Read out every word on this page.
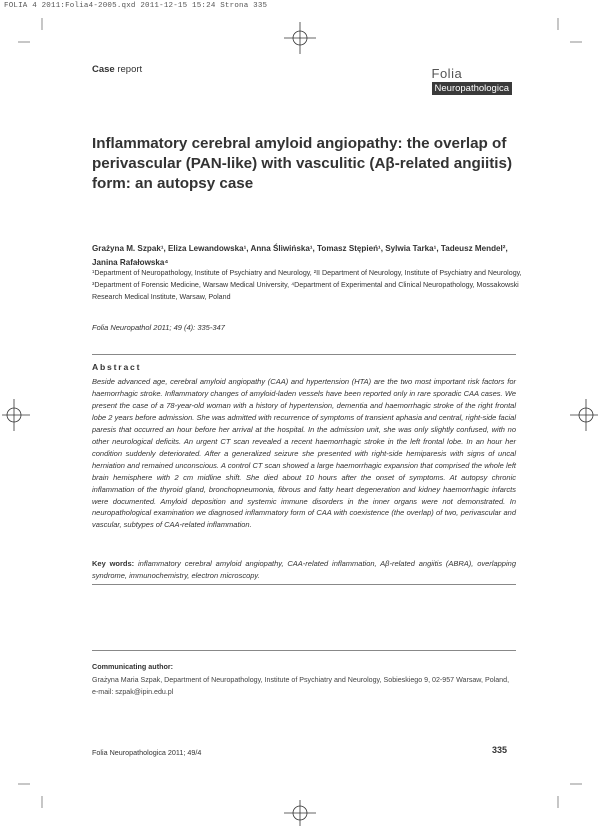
FOLIA 4 2011:Folia4-2005.qxd 2011-12-15 15:24 Strona 335
Case report	Folia
Neuropathologica
Inflammatory cerebral amyloid angiopathy: the overlap of perivascular (PAN-like) with vasculitic (Aβ-related angiitis) form: an autopsy case
Grażyna M. Szpak¹, Eliza Lewandowska¹, Anna Śliwińska¹, Tomasz Stępień¹, Sylwia Tarka¹, Tadeusz Mendel², Janina Rafałowska⁴
¹Department of Neuropathology, Institute of Psychiatry and Neurology, ²II Department of Neurology, Institute of Psychiatry and Neurology, ³Department of Forensic Medicine, Warsaw Medical University, ⁴Department of Experimental and Clinical Neuropathology, Mossakowski Research Medical Institute, Warsaw, Poland
Folia Neuropathol 2011; 49 (4): 335-347
Abstract
Beside advanced age, cerebral amyloid angiopathy (CAA) and hypertension (HTA) are the two most important risk factors for haemorrhagic stroke. Inflammatory changes of amyloid-laden vessels have been reported only in rare sporadic CAA cases. We present the case of a 78-year-old woman with a history of hypertension, dementia and haemorrhagic stroke of the right frontal lobe 2 years before admission. She was admitted with recurrence of symptoms of transient aphasia and central, right-side facial paresis that occurred an hour before her arrival at the hospital. In the admission unit, she was only slightly confused, with no other neurological deficits. An urgent CT scan revealed a recent haemorrhagic stroke in the left frontal lobe. In an hour her condition suddenly deteriorated. After a generalized seizure she presented with right-side hemiparesis with signs of uncal herniation and remained unconscious. A control CT scan showed a large haemorrhagic expansion that comprised the whole left brain hemisphere with 2 cm midline shift. She died about 10 hours after the onset of symptoms. At autopsy chronic inflammation of the thyroid gland, bronchopneumonia, fibrous and fatty heart degeneration and kidney haemorrhagic infarcts were documented. Amyloid deposition and systemic immune disorders in the inner organs were not demonstrated. In neuropathological examination we diagnosed inflammatory form of CAA with coexistence (the overlap) of two, perivascular and vascular, subtypes of CAA-related inflammation.
Key words: inflammatory cerebral amyloid angiopathy, CAA-related inflammation, Aβ-related angiitis (ABRA), overlapping syndrome, immunochemistry, electron microscopy.
Communicating author:
Grażyna Maria Szpak, Department of Neuropathology, Institute of Psychiatry and Neurology, Sobieskiego 9, 02-957 Warsaw, Poland,
e-mail: szpak@ipin.edu.pl
Folia Neuropathologica 2011; 49/4	335
